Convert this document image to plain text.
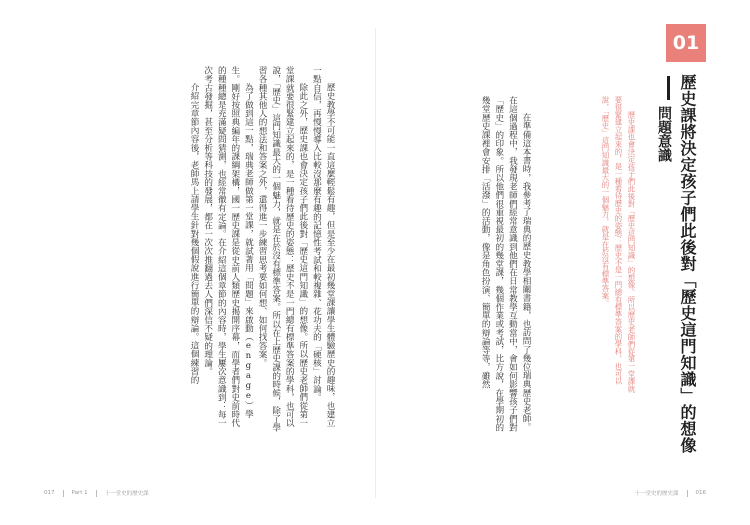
01
歷史課將決定孩子們此後對「歷史這門知識」的想像
問題意識

歷史課也會決定孩子們此後對「歷史這門知識」的想像。所以歷史老師們從第一堂課就要很緊建立起來的，是一種看待歷史的姿態：歷史不是一門總有標準答案的學科，也可以說，「歷史」這門知識最大的一個魅力，就是在於沒有標準答案。

在準備這本書時，我參考了瑞典的歷史教學相關書籍，也訪問了幾位瑞典歷史老師。在這個過程中，我發現老師們經常意識到他們在日常教學互動當中，會如何影響孩子們對「歷史」的印象。所以他們很重視最初的幾堂課，幾個作業或考試，比方說，在學期初的幾堂歷史課裡會安排「活潑」的活動，像是角色扮演、簡單的辯論等等，雖然

歷史教學不可能一直這麼輕鬆有趣，但是至少在最初幾堂課讓學生體驗歷史的趣味，也建立一點自信，再慢慢導入比較沒那麼有趣的記憶性考試和較複雜、花功夫的「硬核」討論。

除此之外，歷史課也會決定孩子們此後對「歷史這門知識」的想像。所以歷史老師們從第一堂課就要很緊建立起來的，是一種看待歷史的姿態：歷史不是一門總有標準答案的學科，也可以說，「歷史」這門知識最大的一個魅力，就是在於沒有標準答案。所以在上歷史課的時候，除了學習各種其他人的想法和答案之外，還得進一步練習思考要如何想、如何找答案。

為了做到這一點，瑞典老師做第一堂課，就試著用「問題」來啟動（engage）學生。剛好按照典編年的課綱架構，國一歷史課是從史前人類歷史揭開序幕，而學者們對史前時代的種種總是充滿疑問猜測，也經常徹有定論。在介紹這個章節的內容時，學生屢次意識到：每一次考古發掘，甚至分析等科技的發展，都在一次次推翻過去人們深信不疑的理論。

介紹完章節內容後，老師馬上請學生針對幾個假說進行簡單的辯論。這個練習的

017	Part 1	十一堂史的歷史課	十一堂史的歷史課	016
